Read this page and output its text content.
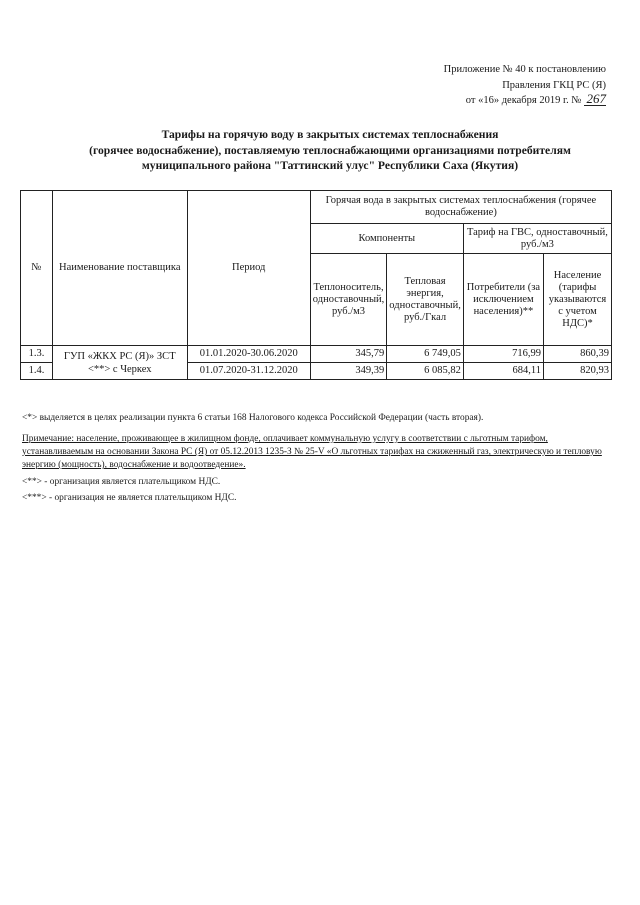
Приложение № 40 к постановлению
Правления ГКЦ РС (Я)
от «16» декабря 2019 г. № 267
Тарифы на горячую воду в закрытых системах теплоснабжения
(горячее водоснабжение), поставляемую теплоснабжающими организациями потребителям
муниципального района "Таттинский улус" Республики Саха (Якутия)
№	Наименование поставщика	Период	Горячая вода в закрытых системах теплоснабжения (горячее водоснабжение)			
			Компоненты		Тариф на ГВС, одноставочный, руб./м3	
			Теплоноситель, одноставочный, руб./м3	Тепловая энергия, одноставочный, руб./Гкал	Потребители (за исключением населения)**	Население (тарифы указываются с учетом НДС)*
1.3.	ГУП «ЖКХ РС (Я)» ЗСТ <**> с Черкех	01.01.2020-30.06.2020	345,79	6 749,05	716,99	860,39
1.4.		01.07.2020-31.12.2020	349,39	6 085,82	684,11	820,93

<*> выделяется в целях реализации пункта 6 статьи 168 Налогового кодекса Российской Федерации (часть вторая).

Примечание: население, проживающее в жилищном фонде, оплачивает коммунальную услугу в соответствии с льготным тарифом, устанавливаемым на основании Закона РС (Я) от 05.12.2013 1235-З № 25-V «О льготных тарифах на сжиженный газ, электрическую и тепловую энергию (мощность), водоснабжение и водоотведение».

<**> - организация является плательщиком НДС.

<***> - организация не является плательщиком НДС.
